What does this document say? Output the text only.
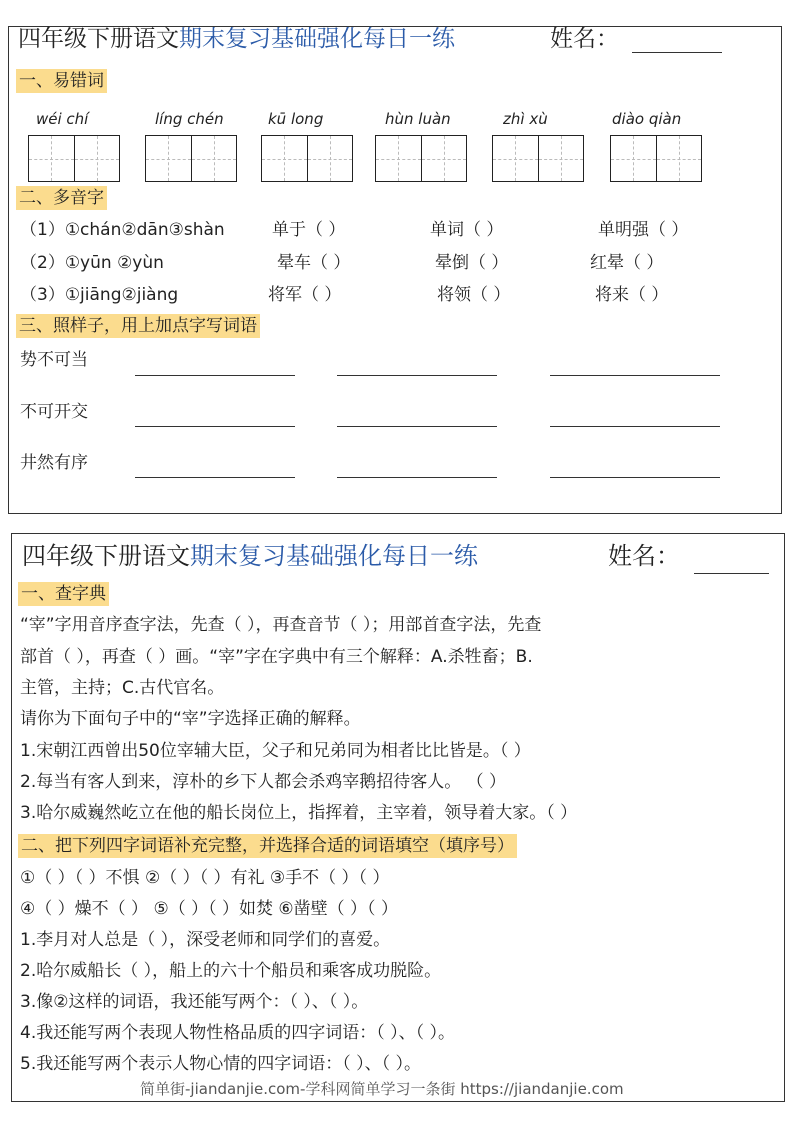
四年级下册语文期末复习基础强化每日一练	姓名：
一、易错词
wéi chí	líng chén	kū long	hùn luàn	zhì xù	diào qiàn
二、多音字
（1）①chán②dān③shàn	单于（ ）	单词（ ）	单明强（ ）
（2）①yūn ②yùn	晕车（ ）	晕倒（ ）	红晕（ ）
（3）①jiāng②jiàng	将军（ ）	将领（ ）	将来（ ）
三、照样子，用上加点字写词语
势不可当
不可开交
井然有序
四年级下册语文期末复习基础强化每日一练	姓名：
一、查字典
“宰”字用音序查字法，先查（ ），再查音节（ ）；用部首查字法，先查
部首（ ），再查（ ）画。“宰”字在字典中有三个解释：A.杀牲畜；B.
主管，主持；C.古代官名。
请你为下面句子中的“宰”字选择正确的解释。
1.宋朝江西曾出50位宰辅大臣，父子和兄弟同为相者比比皆是。（ ）
2.每当有客人到来，淳朴的乡下人都会杀鸡宰鹅招待客人。 （ ）
3.哈尔威巍然屹立在他的船长岗位上，指挥着，主宰着，领导着大家。（ ）
二、把下列四字词语补充完整，并选择合适的词语填空（填序号）
①（ ）（ ）不惧 ②（ ）（ ）有礼 ③手不（ ）（ ）
④（ ）燥不（ ） ⑤（ ）（ ）如焚 ⑥凿壁（ ）（ ）
1.李月对人总是（ ），深受老师和同学们的喜爱。
2.哈尔威船长（ ），船上的六十个船员和乘客成功脱险。
3.像②这样的词语，我还能写两个：（ ）、（ ）。
4.我还能写两个表现人物性格品质的四字词语：（ ）、（ ）。
5.我还能写两个表示人物心情的四字词语：（ ）、（ ）。
简单街-jiandanjie.com-学科网简单学习一条街 https://jiandanjie.com
